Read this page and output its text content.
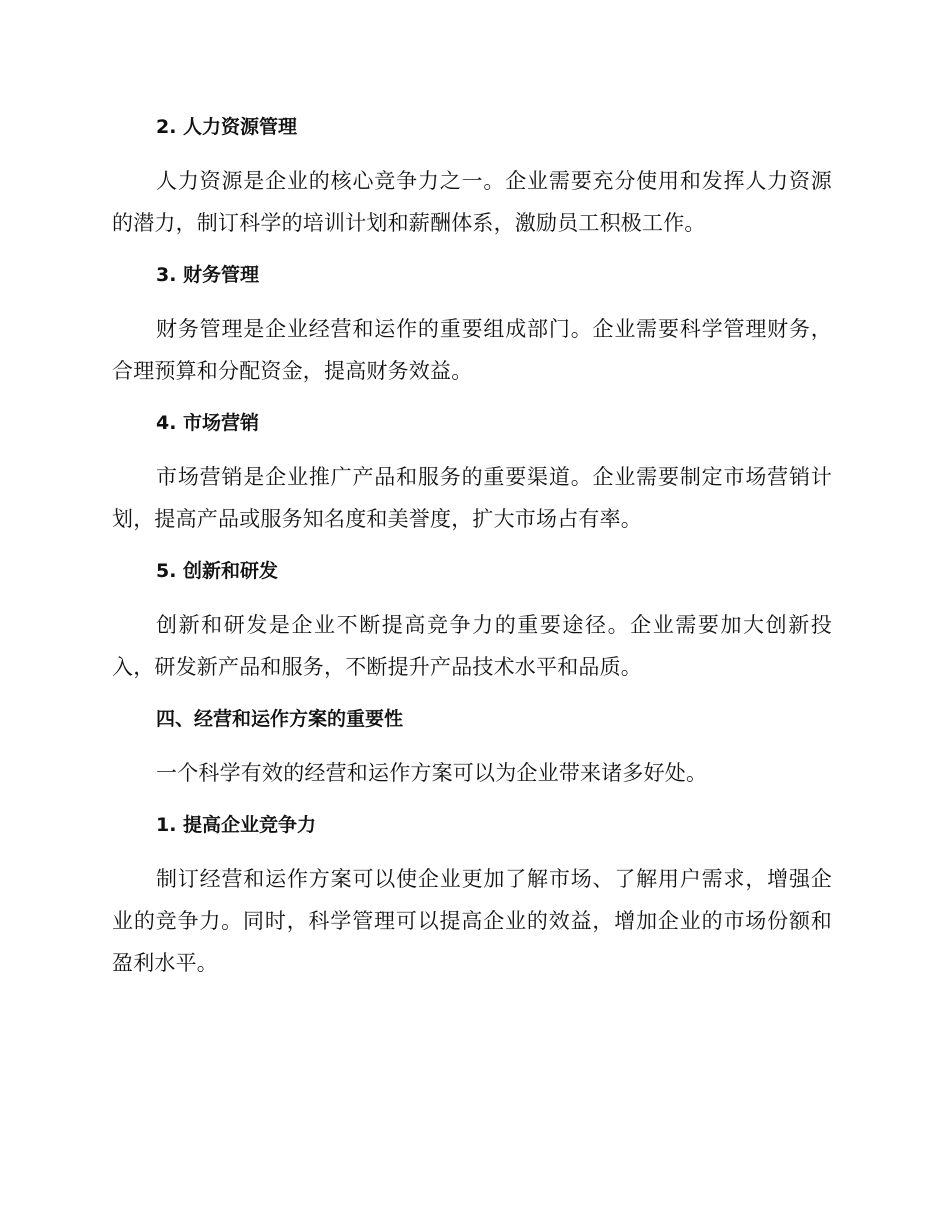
2. 人力资源管理

人力资源是企业的核心竞争力之一。企业需要充分使用和发挥人力资源的潜力，制订科学的培训计划和薪酬体系，激励员工积极工作。

3. 财务管理

财务管理是企业经营和运作的重要组成部门。企业需要科学管理财务，合理预算和分配资金，提高财务效益。

4. 市场营销

市场营销是企业推广产品和服务的重要渠道。企业需要制定市场营销计划，提高产品或服务知名度和美誉度，扩大市场占有率。

5. 创新和研发

创新和研发是企业不断提高竞争力的重要途径。企业需要加大创新投入，研发新产品和服务，不断提升产品技术水平和品质。

四、经营和运作方案的重要性

一个科学有效的经营和运作方案可以为企业带来诸多好处。

1. 提高企业竞争力

制订经营和运作方案可以使企业更加了解市场、了解用户需求，增强企业的竞争力。同时，科学管理可以提高企业的效益，增加企业的市场份额和盈利水平。
